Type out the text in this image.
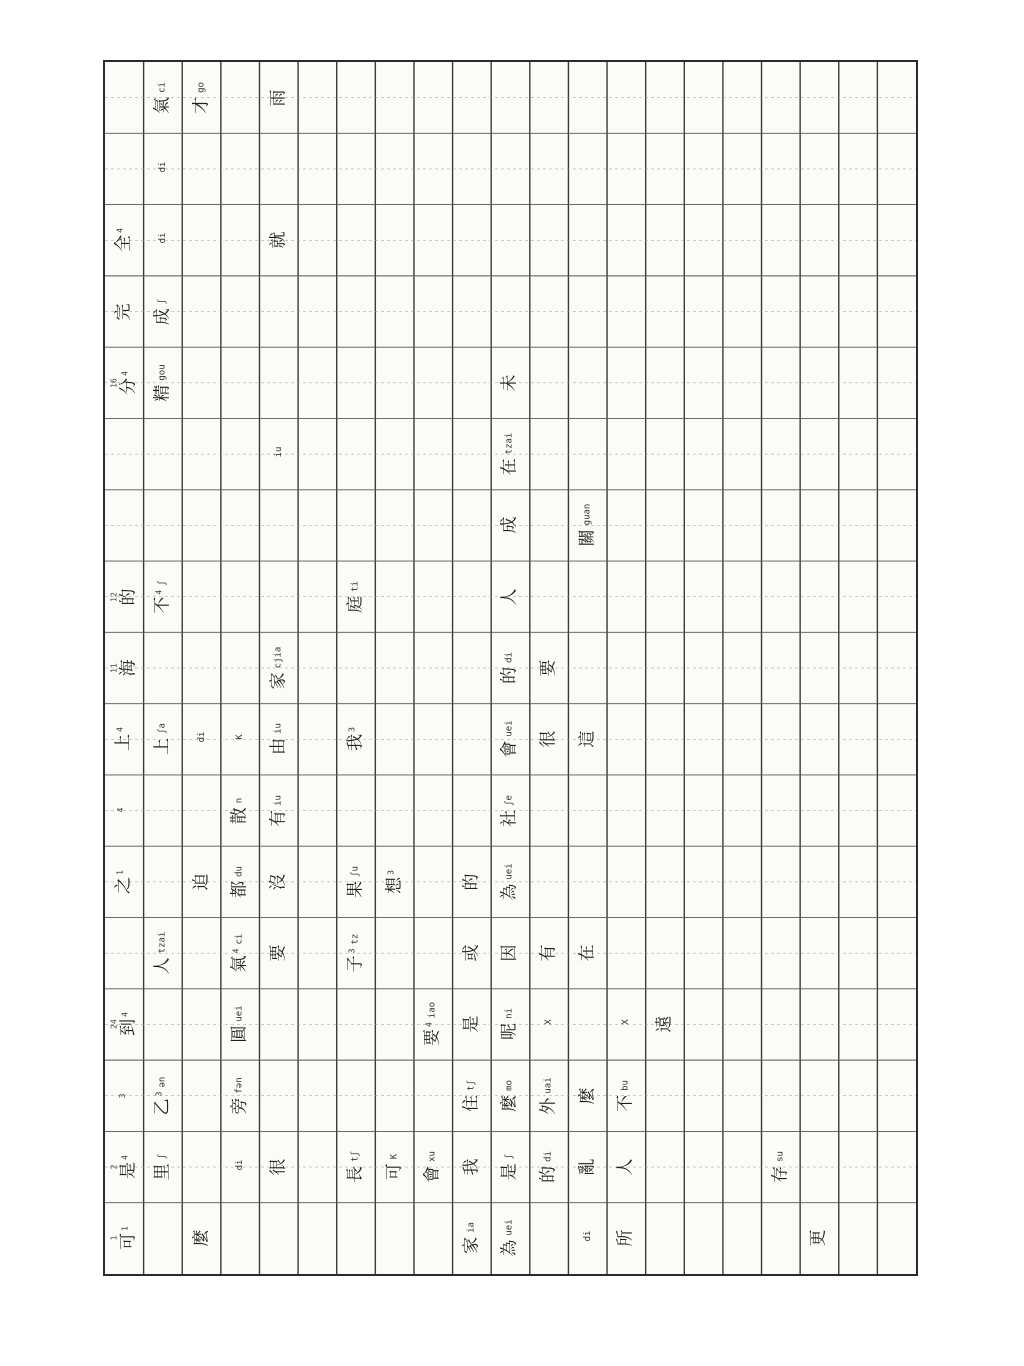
1 可1
2 是4
3
24 到4
之1
4
上4
11 海
12 的
16 分4
完
全4
里ʃ
乙3ən
人tzai
上ʃa
不4ʃ
精gou
成ʃ
di
di
氣ci
麼
迫
di
才go
di
旁fən
圓uei
氣4ci
都du
散n
K
很
要
沒
有iu
由iu
家cjia
iu
就
雨
長tʃ
子3tz
果ʃu
我3
庭ti
可K
想3
會xu
要4iao
家ia
我
住tʃ
是
或
的
為uei
是ʃ
麼mo
呢ni
因
為uei
社ʃe
會uei
的di
人
成
在tzai
未
的di
外uai
X
有
很
要
di
亂
麼
在
這
關guan
所
人
不bu
X 遠
存su
更
